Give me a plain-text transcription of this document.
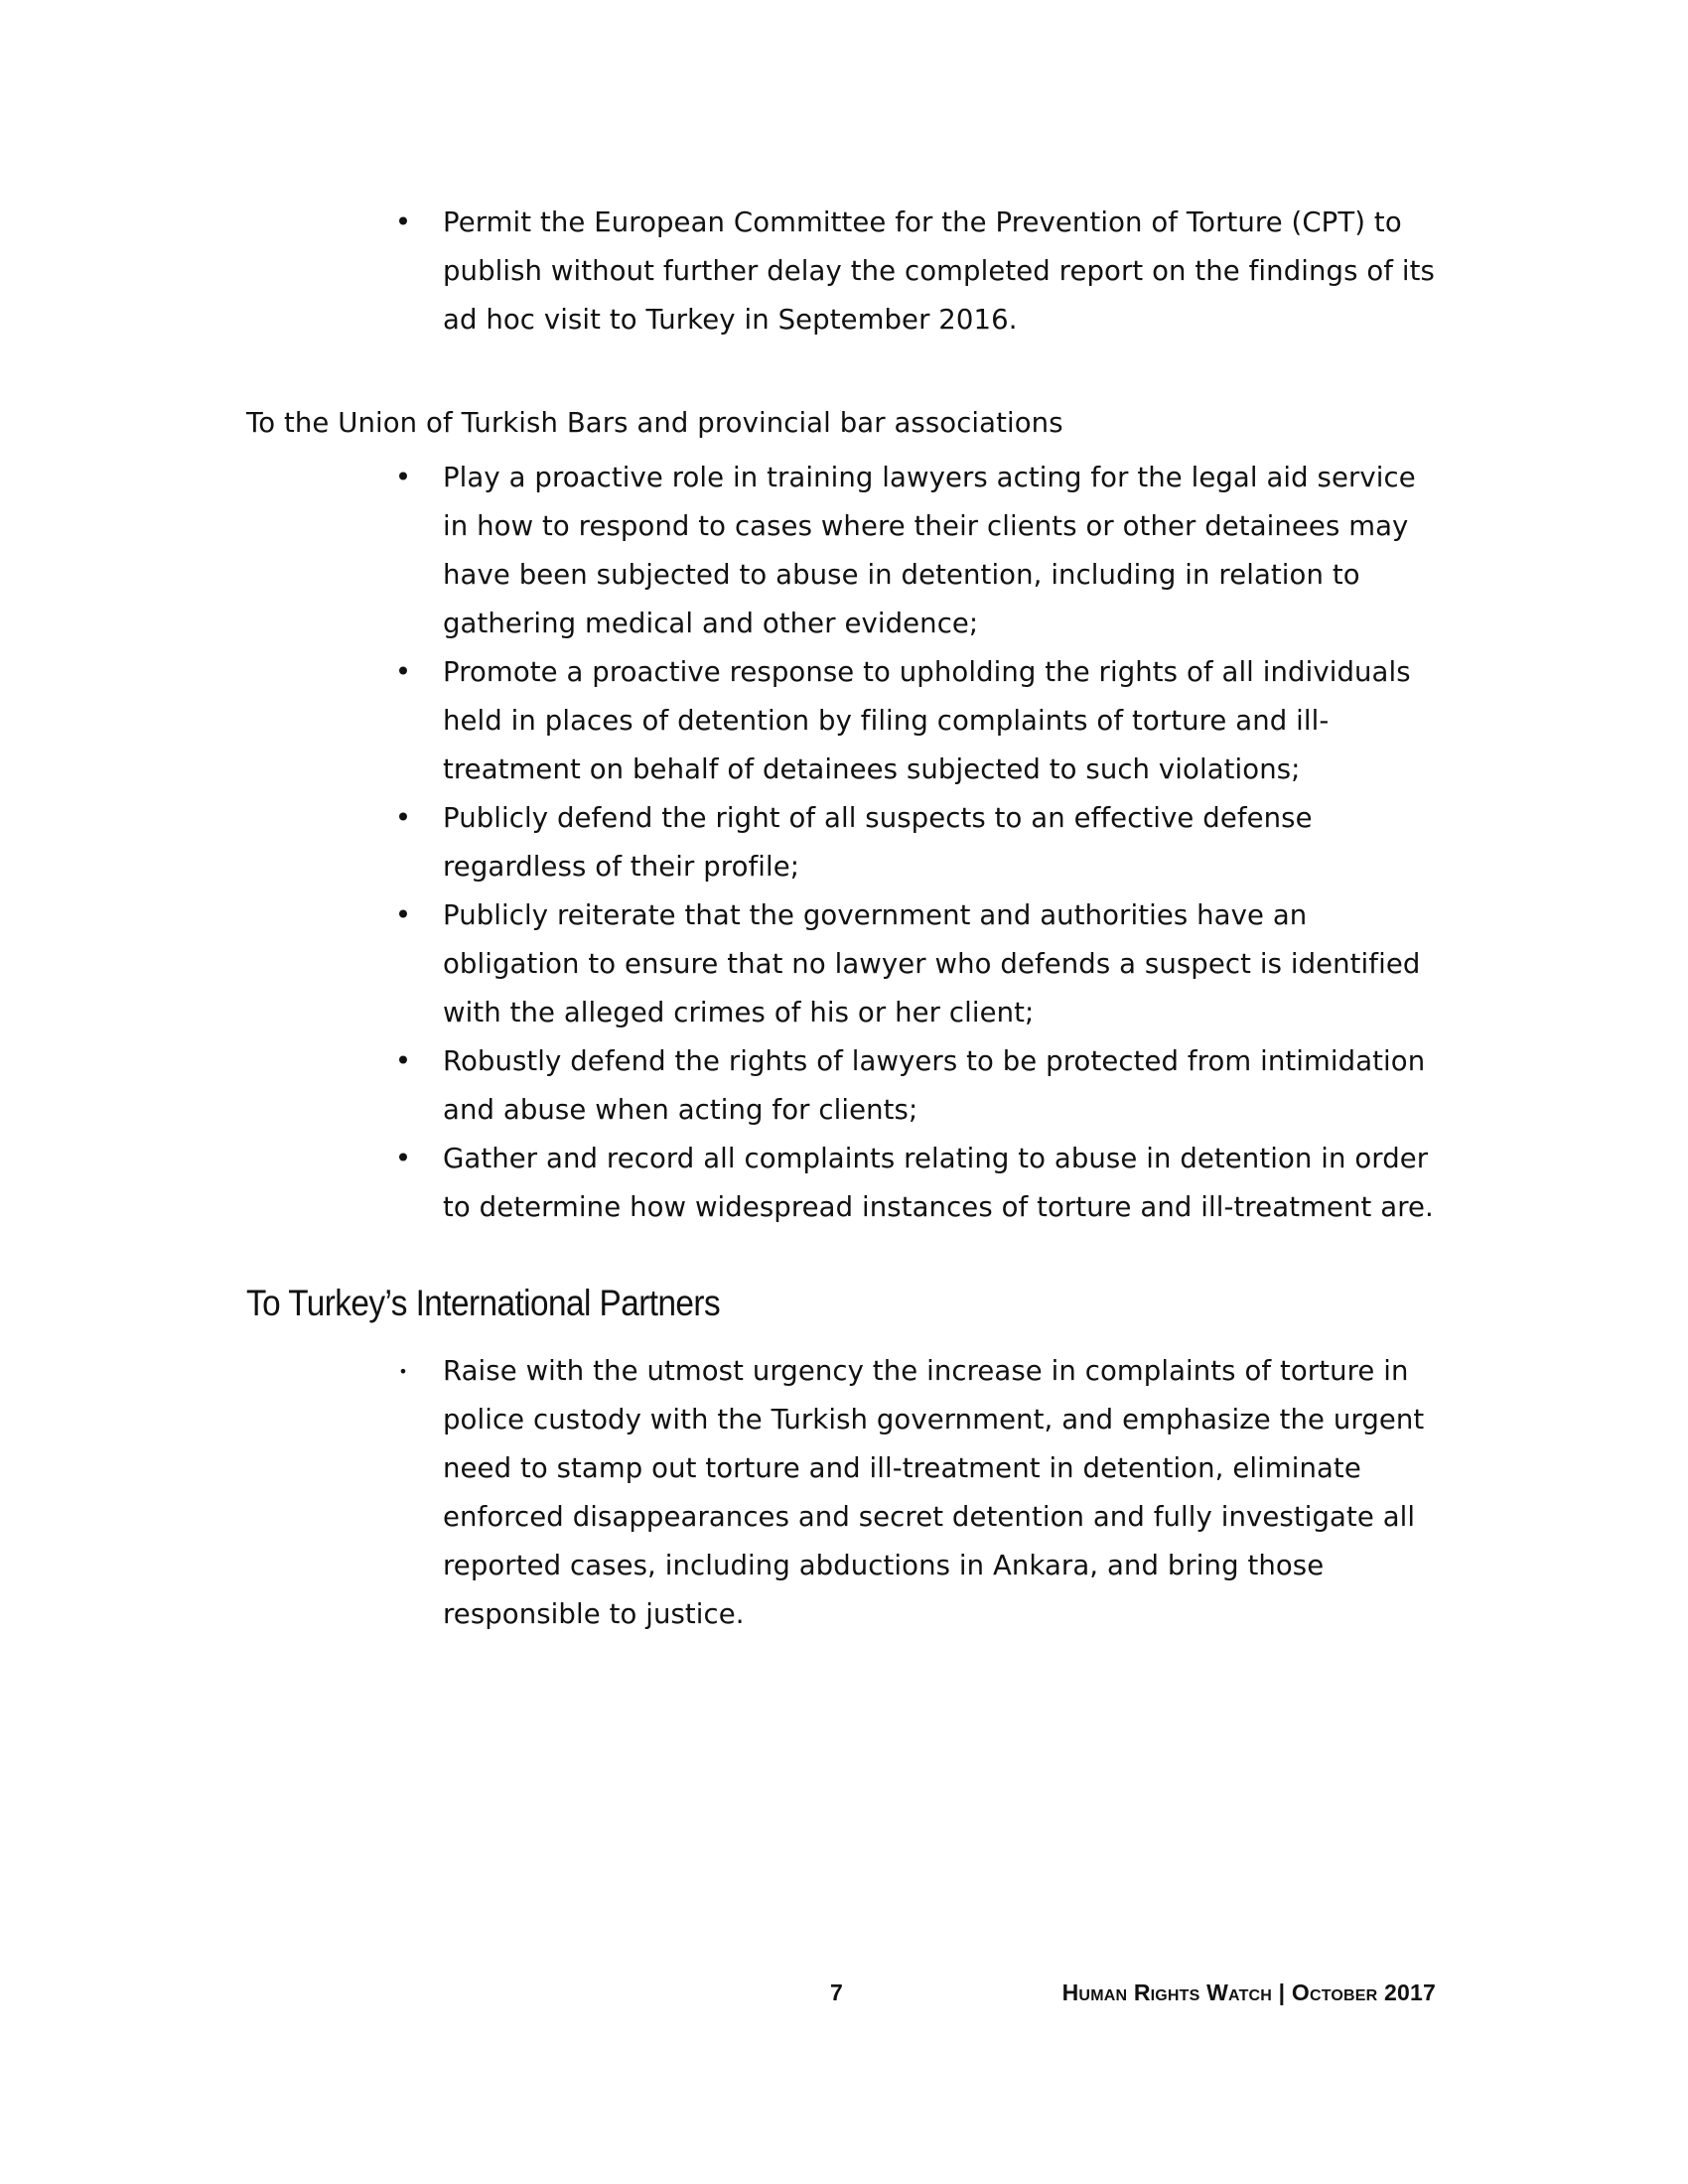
• Permit the European Committee for the Prevention of Torture (CPT) to publish without further delay the completed report on the findings of its ad hoc visit to Turkey in September 2016.
To the Union of Turkish Bars and provincial bar associations
• Play a proactive role in training lawyers acting for the legal aid service in how to respond to cases where their clients or other detainees may have been subjected to abuse in detention, including in relation to gathering medical and other evidence;
• Promote a proactive response to upholding the rights of all individuals held in places of detention by filing complaints of torture and ill-treatment on behalf of detainees subjected to such violations;
• Publicly defend the right of all suspects to an effective defense regardless of their profile;
• Publicly reiterate that the government and authorities have an obligation to ensure that no lawyer who defends a suspect is identified with the alleged crimes of his or her client;
• Robustly defend the rights of lawyers to be protected from intimidation and abuse when acting for clients;
• Gather and record all complaints relating to abuse in detention in order to determine how widespread instances of torture and ill-treatment are.
To Turkey’s International Partners
• Raise with the utmost urgency the increase in complaints of torture in police custody with the Turkish government, and emphasize the urgent need to stamp out torture and ill-treatment in detention, eliminate enforced disappearances and secret detention and fully investigate all reported cases, including abductions in Ankara, and bring those responsible to justice.
7	Human Rights Watch | October 2017
